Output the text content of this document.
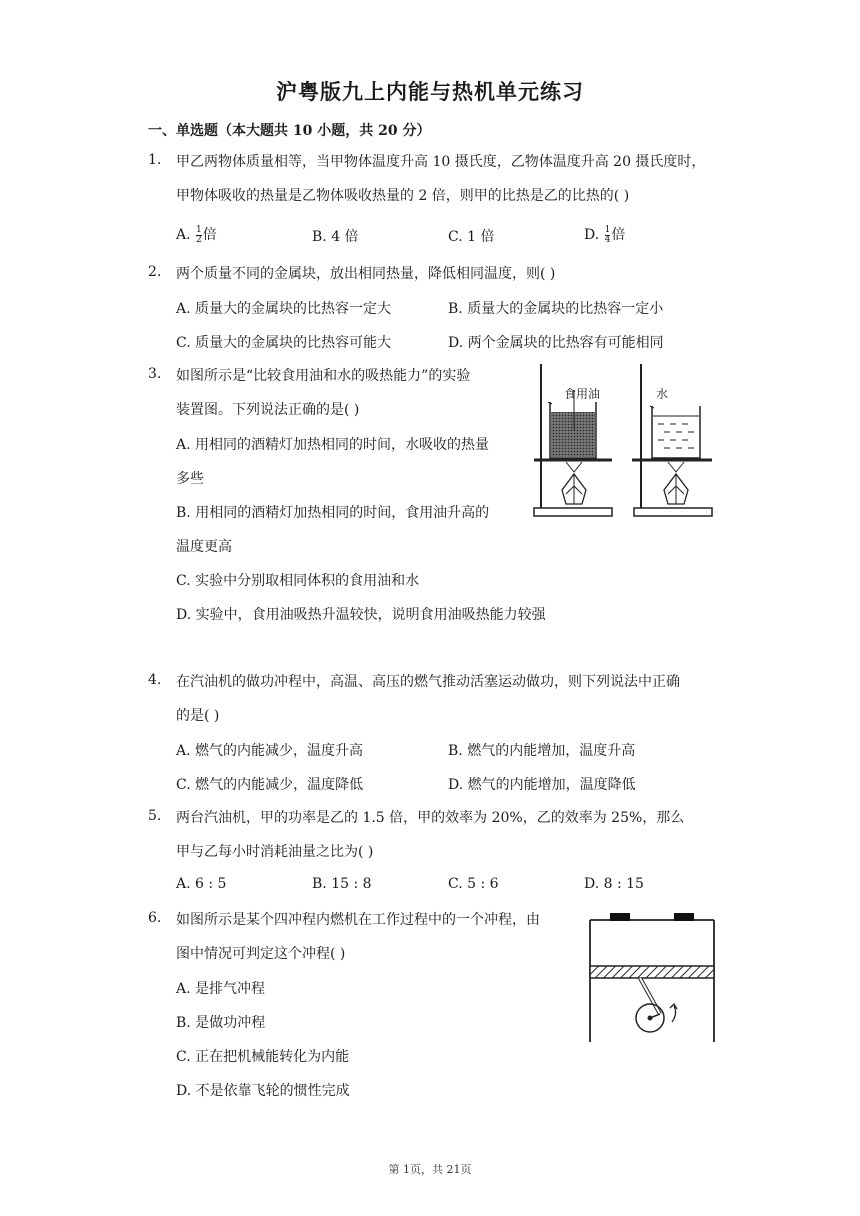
沪粤版九上内能与热机单元练习
一、单选题（本大题共 10 小题，共 20 分）
1. 甲乙两物体质量相等，当甲物体温度升高 10 摄氏度，乙物体温度升高 20 摄氏度时，
甲物体吸收的热量是乙物体吸收热量的 2 倍，则甲的比热是乙的比热的( )
A. $\frac{1}{2}$ 倍	B. 4 倍	C. 1 倍	D. $\frac{1}{4}$ 倍
2. 两个质量不同的金属块，放出相同热量，降低相同温度，则( )
A. 质量大的金属块的比热容一定大	B. 质量大的金属块的比热容一定小
C. 质量大的金属块的比热容可能大	D. 两个金属块的比热容有可能相同
3. 如图所示是“比较食用油和水的吸热能力”的实验
装置图。下列说法正确的是( )
A. 用相同的酒精灯加热相同的时间，水吸收的热量
多些
B. 用相同的酒精灯加热相同的时间，食用油升高的
温度更高
C. 实验中分别取相同体积的食用油和水
D. 实验中，食用油吸热升温较快，说明食用油吸热能力较强
食用油	水
4. 在汽油机的做功冲程中，高温、高压的燃气推动活塞运动做功，则下列说法中正确
的是( )
A. 燃气的内能减少，温度升高	B. 燃气的内能增加，温度升高
C. 燃气的内能减少，温度降低	D. 燃气的内能增加，温度降低
5. 两台汽油机，甲的功率是乙的 1.5 倍，甲的效率为 20%，乙的效率为 25%，那么
甲与乙每小时消耗油量之比为( )
A. 6 : 5	B. 15 : 8	C. 5 : 6	D. 8 : 15
6. 如图所示是某个四冲程内燃机在工作过程中的一个冲程，由
图中情况可判定这个冲程( )
A. 是排气冲程
B. 是做功冲程
C. 正在把机械能转化为内能
D. 不是依靠飞轮的惯性完成
第 1页，共 21页
